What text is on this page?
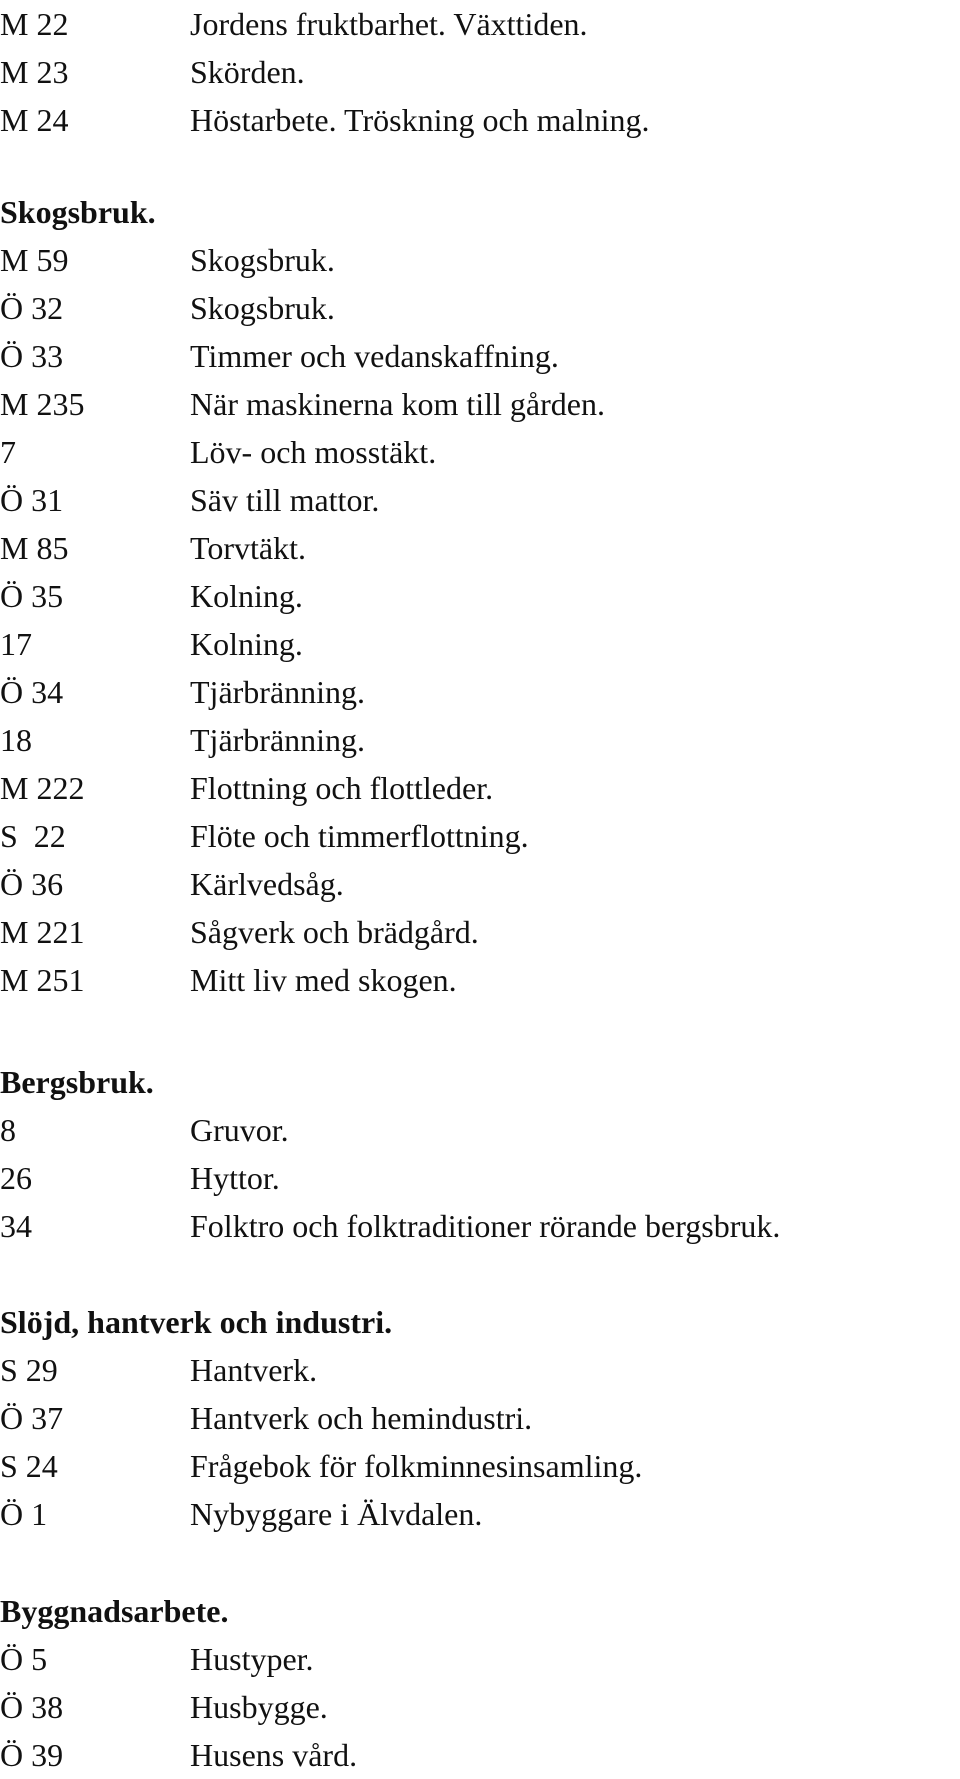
M 22	Jordens fruktbarhet. Växttiden.
M 23	Skörden.
M 24	Höstarbete. Tröskning och malning.
Skogsbruk.
M 59	Skogsbruk.
Ö 32	Skogsbruk.
Ö 33	Timmer och vedanskaffning.
M 235	När maskinerna kom till gården.
7	Löv- och mosstäkt.
Ö 31	Säv till mattor.
M 85	Torvtäkt.
Ö 35	Kolning.
17	Kolning.
Ö 34	Tjärbränning.
18	Tjärbränning.
M 222	Flottning och flottleder.
S  22	Flöte och timmerflottning.
Ö 36	Kärlvedsåg.
M 221	Sågverk och brädgård.
M 251	Mitt liv med skogen.
Bergsbruk.
8	Gruvor.
26	Hyttor.
34	Folktro och folktraditioner rörande bergsbruk.
Slöjd, hantverk och industri.
S 29	Hantverk.
Ö 37	Hantverk och hemindustri.
S 24	Frågebok för folkminnesinsamling.
Ö 1	Nybyggare i Älvdalen.
Byggnadsarbete.
Ö 5	Hustyper.
Ö 38	Husbygge.
Ö 39	Husens vård.
